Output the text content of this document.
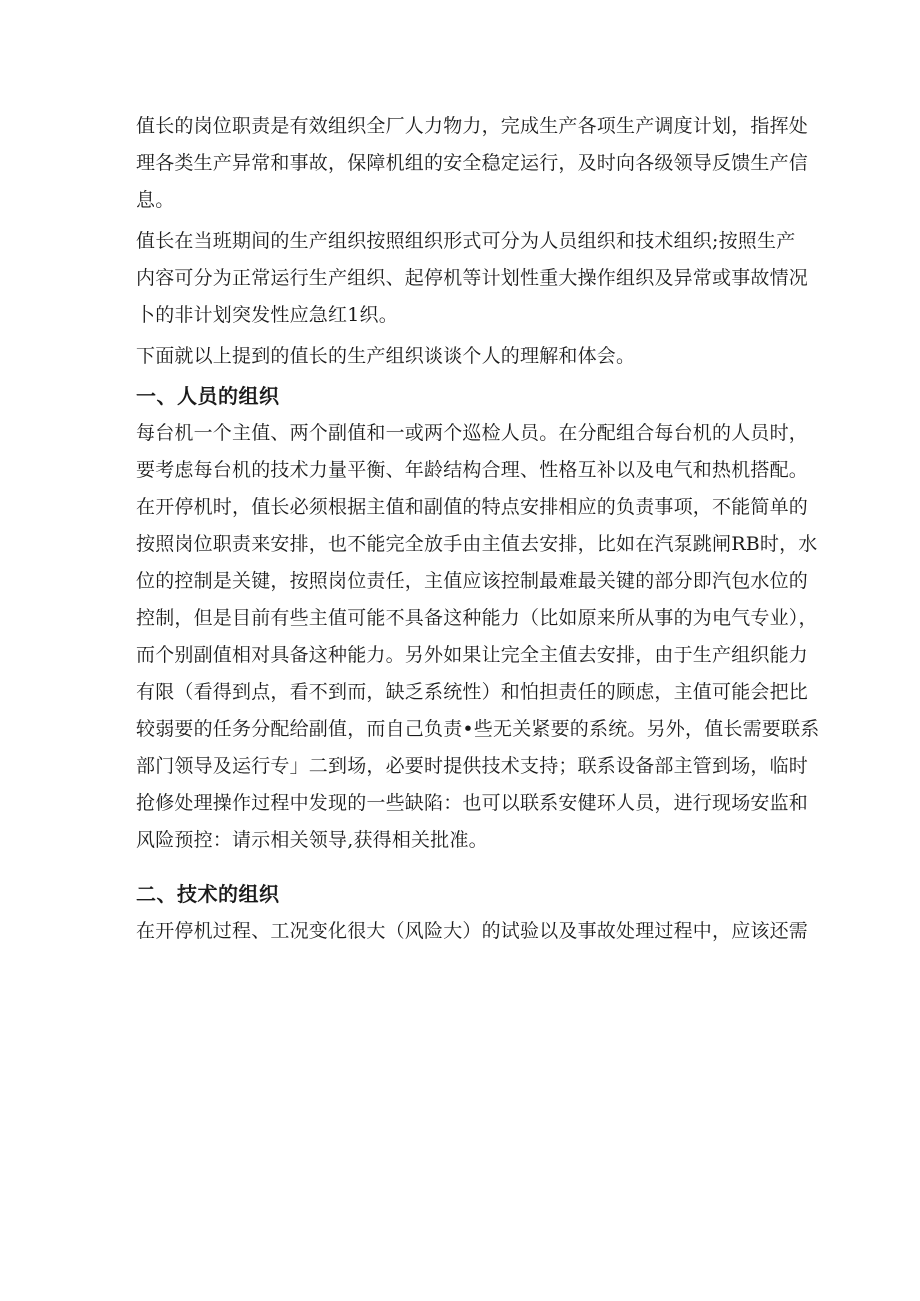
值长的岗位职责是有效组织全厂人力物力，完成生产各项生产调度计划，指挥处

理各类生产异常和事故，保障机组的安全稳定运行，及时向各级领导反馈生产信

息。

值长在当班期间的生产组织按照组织形式可分为人员组织和技术组织;按照生产

内容可分为正常运行生产组织、起停机等计划性重大操作组织及异常或事故情况

卜的非计划突发性应急红1织。

下面就以上提到的值长的生产组织谈谈个人的理解和体会。

一、人员的组织

每台机一个主值、两个副值和一或两个巡检人员。在分配组合每台机的人员时，

要考虑每台机的技术力量平衡、年龄结构合理、性格互补以及电气和热机搭配。

在开停机时，值长必须根据主值和副值的特点安排相应的负责事项，不能简单的

按照岗位职责来安排，也不能完全放手由主值去安排，比如在汽泵跳闸RB时，水

位的控制是关键，按照岗位责任，主值应该控制最难最关键的部分即汽包水位的

控制，但是目前有些主值可能不具备这种能力（比如原来所从事的为电气专业），

而个别副值相对具备这种能力。另外如果让完全主值去安排，由于生产组织能力

有限（看得到点，看不到而，缺乏系统性）和怕担责任的顾虑，主值可能会把比

较弱要的任务分配给副值，而自己负责•些无关紧要的系统。另外，值长需要联系

部门领导及运行专」二到场，必要时提供技术支持；联系设备部主管到场，临时

抢修处理操作过程中发现的一些缺陷：也可以联系安健环人员，进行现场安监和

风险预控：请示相关领导,获得相关批准。

二、技术的组织

在开停机过程、工况变化很大（风险大）的试验以及事故处理过程中，应该还需
